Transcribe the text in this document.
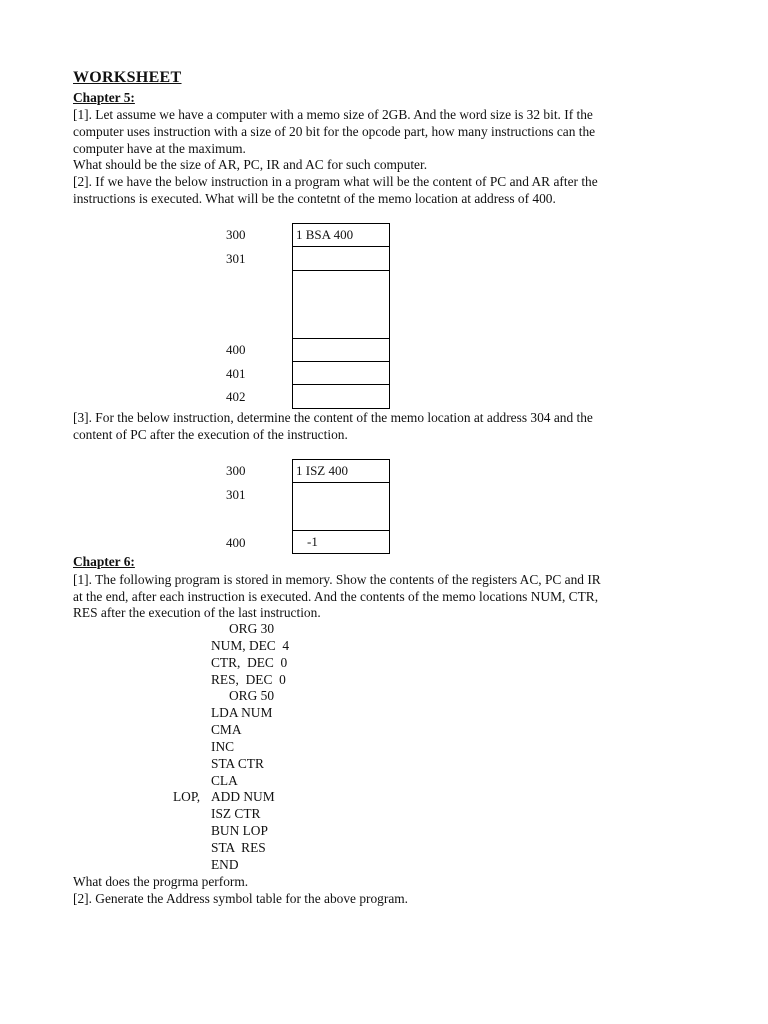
WORKSHEET
Chapter 5:
[1]. Let assume we have a computer with a memo size of 2GB. And the word size is 32 bit. If the
computer uses instruction with a size of 20 bit for the opcode part, how many instructions can the
computer have at the maximum.
What should be the size of AR, PC, IR and AC for such computer.
[2]. If we have the below instruction in a program what will be the content of PC and AR after the
instructions is executed. What will be the contetnt of the memo location at address of 400.
300
301
400
401
402
1 BSA 400
[3]. For the below instruction, determine the content of the memo location at address 304 and the
content of PC after the execution of the instruction.
300
301
400
1 ISZ 400
-1
Chapter 6:
[1]. The following program is stored in memory. Show the contents of the registers AC, PC and IR
at the end, after each instruction is executed. And the contents of the memo locations NUM, CTR,
RES after the execution of the last instruction.
ORG 30
NUM, DEC  4
CTR,  DEC  0
RES,  DEC  0
ORG 50
LDA NUM
CMA
INC
STA CTR
CLA
LOP, ADD NUM
ISZ CTR
BUN LOP
STA  RES
END
What does the progrma perform.
[2]. Generate the Address symbol table for the above program.
